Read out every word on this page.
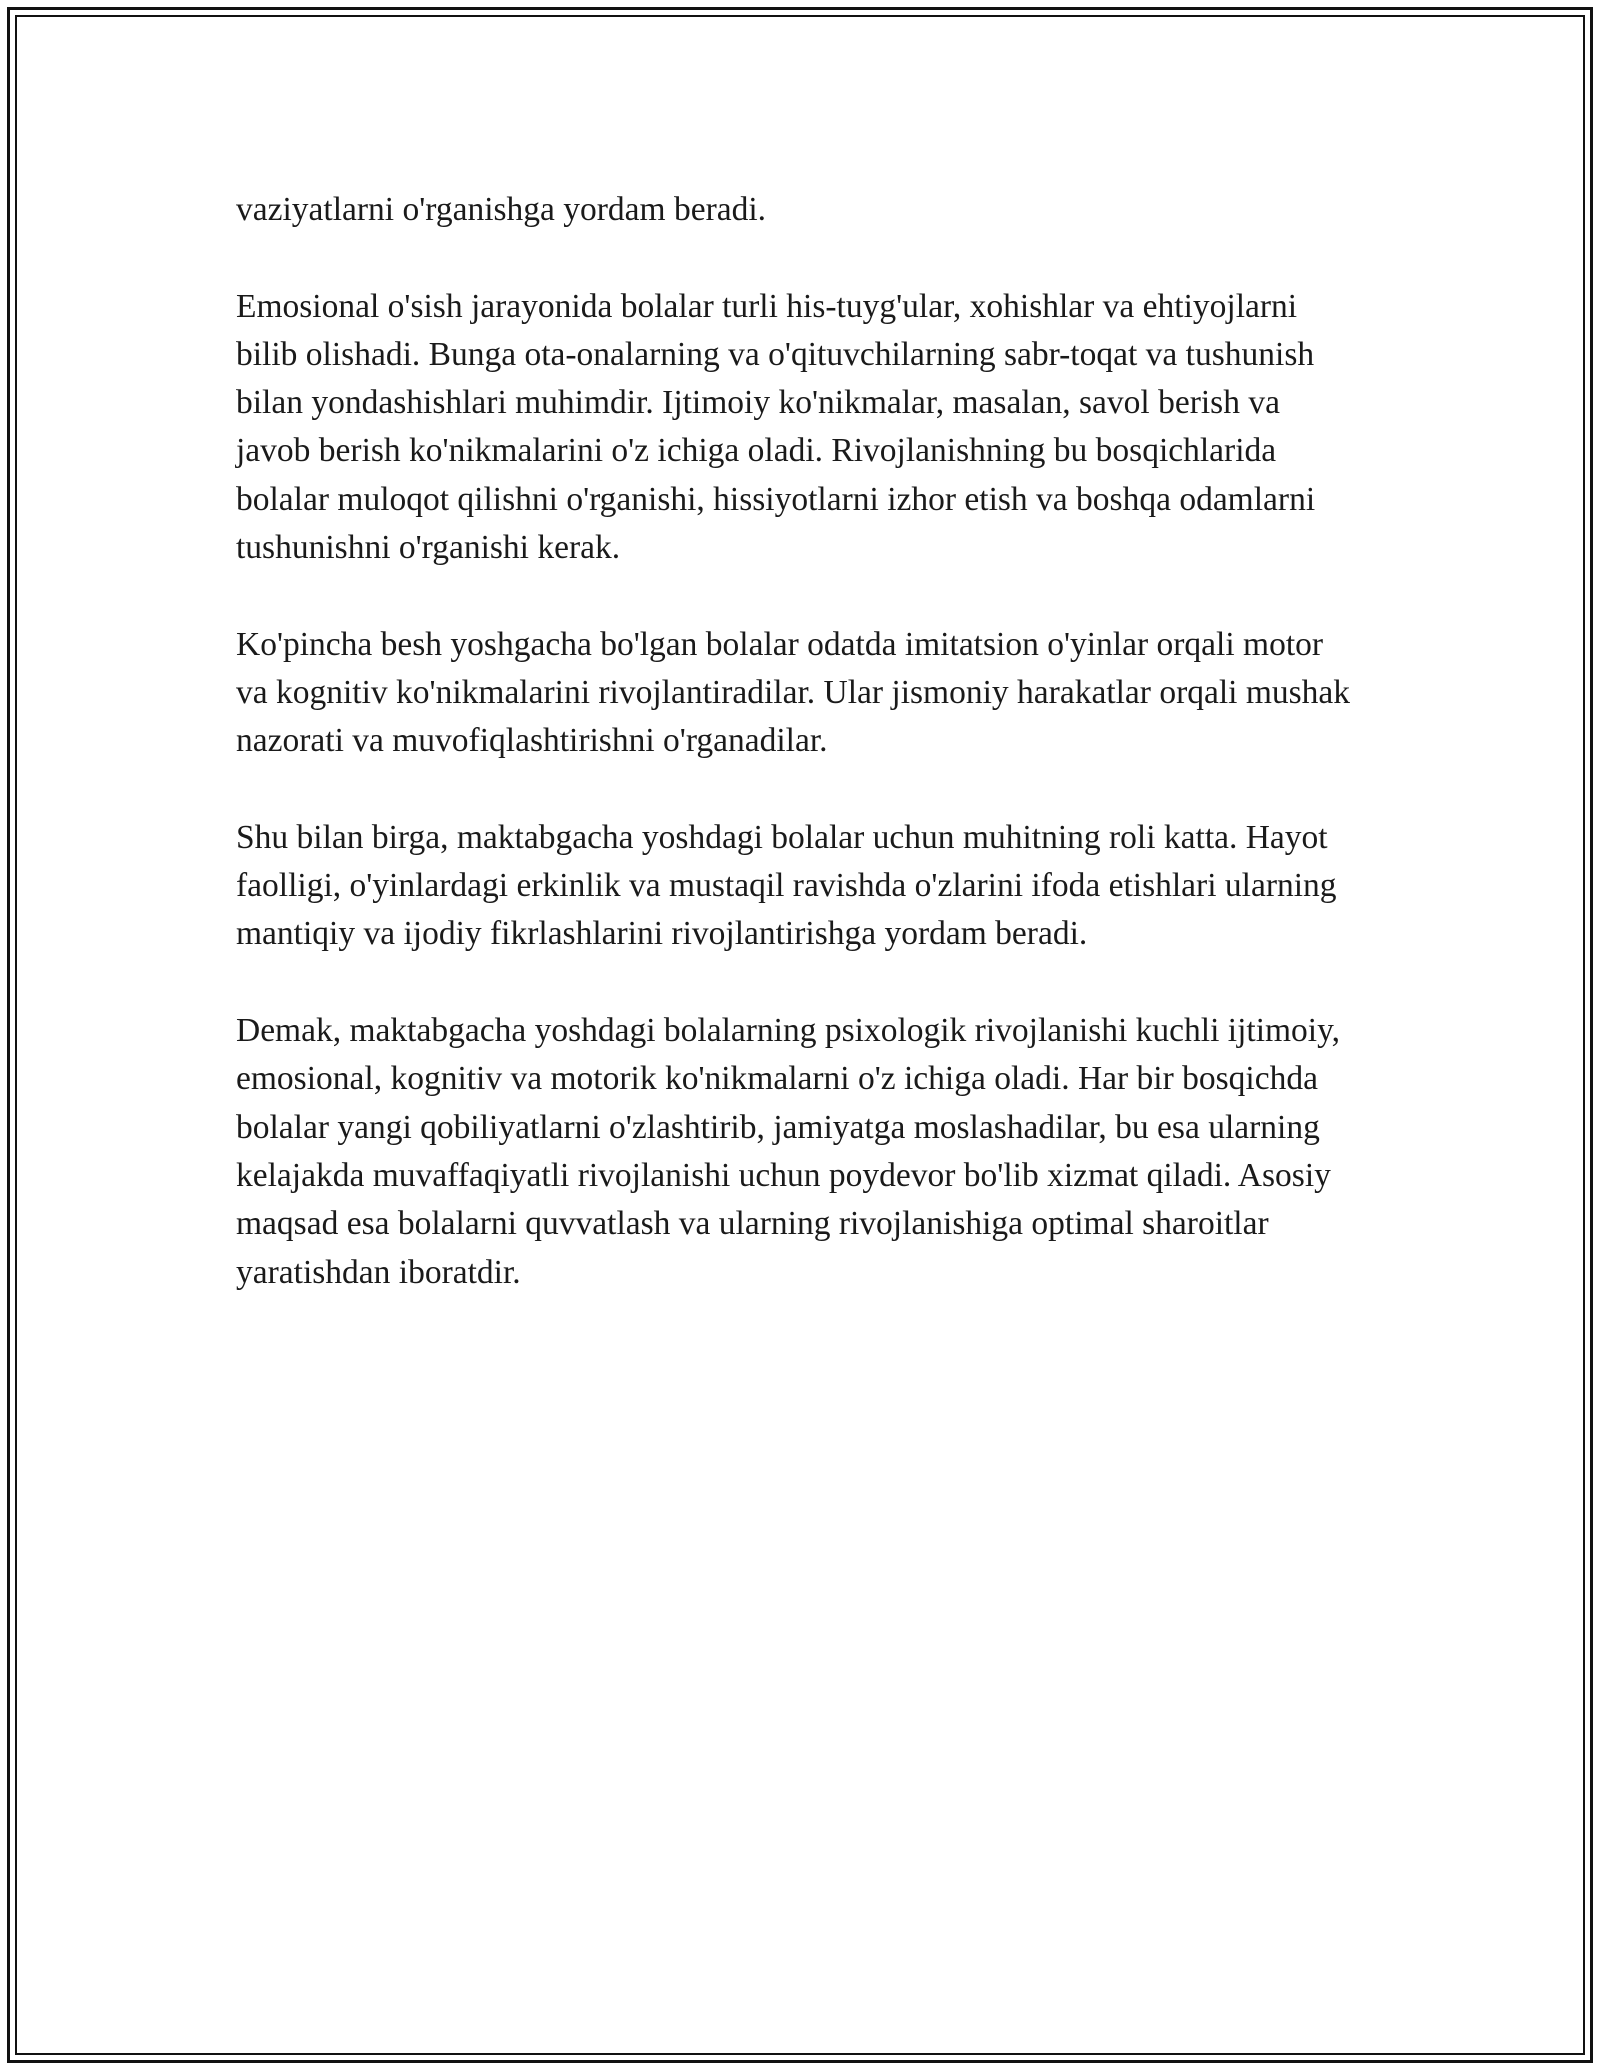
vaziyatlarni o'rganishga yordam beradi.

Emosional o'sish jarayonida bolalar turli his-tuyg'ular, xohishlar va ehtiyojlarni bilib olishadi. Bunga ota-onalarning va o'qituvchilarning sabr-toqat va tushunish bilan yondashishlari muhimdir. Ijtimoiy ko'nikmalar, masalan, savol berish va javob berish ko'nikmalarini o'z ichiga oladi. Rivojlanishning bu bosqichlarida bolalar muloqot qilishni o'rganishi, hissiyotlarni izhor etish va boshqa odamlarni tushunishni o'rganishi kerak.

Ko'pincha besh yoshgacha bo'lgan bolalar odatda imitatsion o'yinlar orqali motor va kognitiv ko'nikmalarini rivojlantiradilar. Ular jismoniy harakatlar orqali mushak nazorati va muvofiqlashtirishni o'rganadilar.

Shu bilan birga, maktabgacha yoshdagi bolalar uchun muhitning roli katta. Hayot faolligi, o'yinlardagi erkinlik va mustaqil ravishda o'zlarini ifoda etishlari ularning mantiqiy va ijodiy fikrlashlarini rivojlantirishga yordam beradi.

Demak, maktabgacha yoshdagi bolalarning psixologik rivojlanishi kuchli ijtimoiy, emosional, kognitiv va motorik ko'nikmalarni o'z ichiga oladi. Har bir bosqichda bolalar yangi qobiliyatlarni o'zlashtirib, jamiyatga moslashadilar, bu esa ularning kelajakda muvaffaqiyatli rivojlanishi uchun poydevor bo'lib xizmat qiladi. Asosiy maqsad esa bolalarni quvvatlash va ularning rivojlanishiga optimal sharoitlar yaratishdan iboratdir.
